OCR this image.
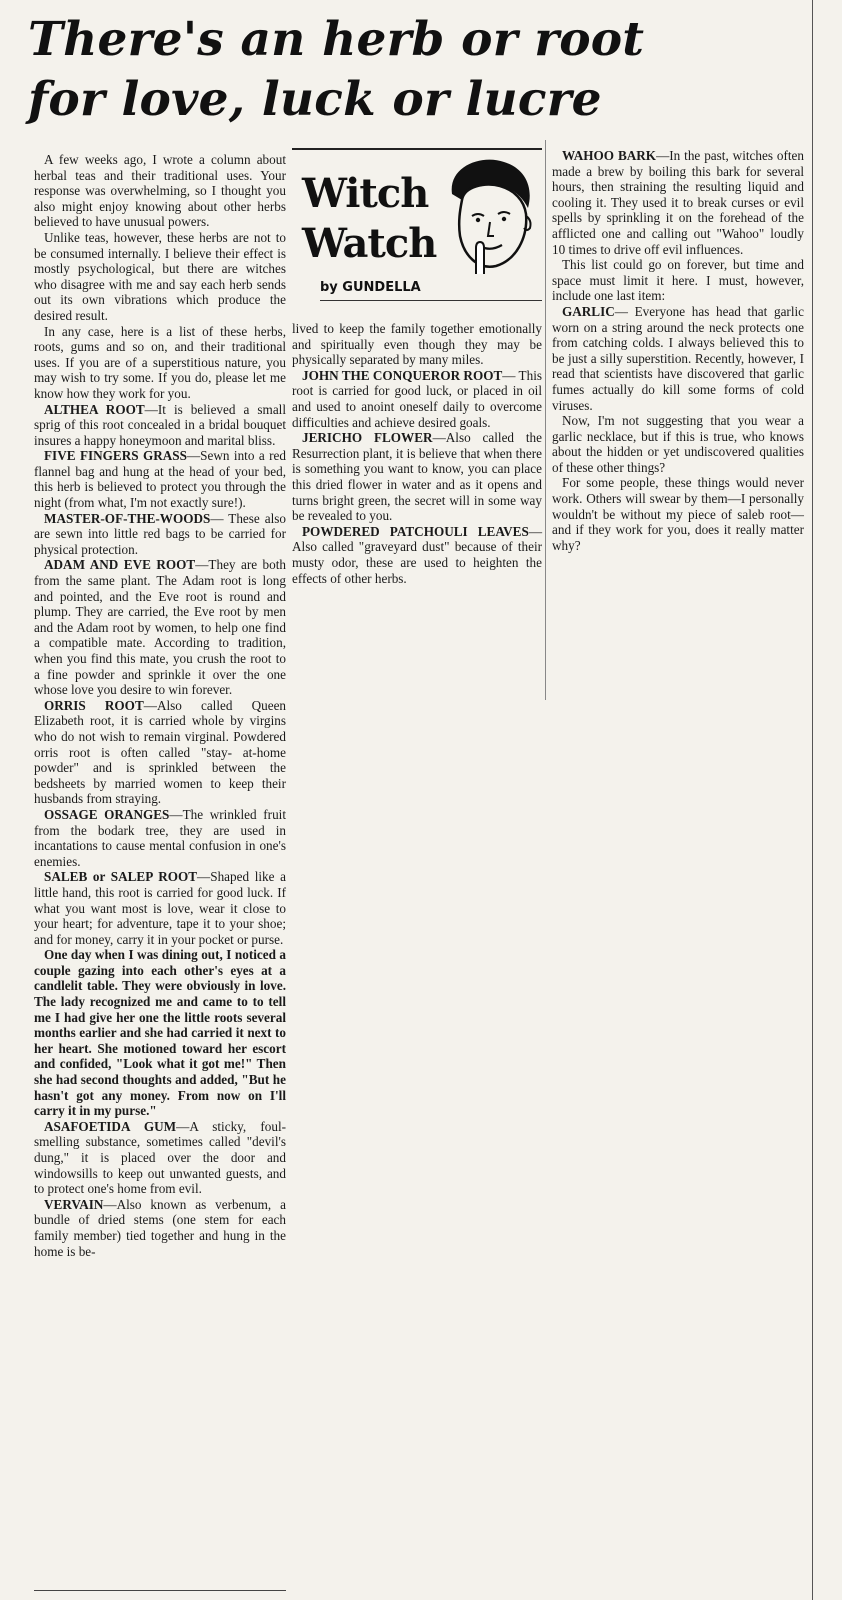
There's an herb or root
for love, luck or lucre
Witch
Watch
by GUNDELLA

A few weeks ago, I wrote a column about herbal teas and their traditional uses. Your response was overwhelming, so I thought you also might enjoy knowing about other herbs believed to have unusual powers.

Unlike teas, however, these herbs are not to be consumed internally. I believe their effect is mostly psychological, but there are witches who disagree with me and say each herb sends out its own vibrations which produce the desired result.

In any case, here is a list of these herbs, roots, gums and so on, and their traditional uses. If you are of a superstitious nature, you may wish to try some. If you do, please let me know how they work for you.

ALTHEA ROOT—It is believed a small sprig of this root concealed in a bridal bouquet insures a happy honeymoon and marital bliss.

FIVE FINGERS GRASS—Sewn into a red flannel bag and hung at the head of your bed, this herb is believed to protect you through the night (from what, I'm not exactly sure!).

MASTER-OF-THE-WOODS— These also are sewn into little red bags to be carried for physical protection.

ADAM AND EVE ROOT—They are both from the same plant. The Adam root is long and pointed, and the Eve root is round and plump. They are carried, the Eve root by men and the Adam root by women, to help one find a compatible mate. According to tradition, when you find this mate, you crush the root to a fine powder and sprinkle it over the one whose love you desire to win forever.

ORRIS ROOT—Also called Queen Elizabeth root, it is carried whole by virgins who do not wish to remain virginal. Powdered orris root is often called "stay- at-home powder" and is sprinkled between the bedsheets by married women to keep their husbands from straying.

OSSAGE ORANGES—The wrinkled fruit from the bodark tree, they are used in incantations to cause mental confusion in one's enemies.

SALEB or SALEP ROOT—Shaped like a little hand, this root is carried for good luck. If what you want most is love, wear it close to your heart; for adventure, tape it to your shoe; and for money, carry it in your pocket or purse.

One day when I was dining out, I noticed a couple gazing into each other's eyes at a candlelit table. They were obviously in love. The lady recognized me and came to to tell me I had give her one the little roots several months earlier and she had carried it next to her heart. She motioned toward her escort and confided, "Look what it got me!" Then she had second thoughts and added, "But he hasn't got any money. From now on I'll carry it in my purse."

ASAFOETIDA GUM—A sticky, foul-smelling substance, sometimes called "devil's dung," it is placed over the door and windowsills to keep out unwanted guests, and to protect one's home from evil.

VERVAIN—Also known as verbenum, a bundle of dried stems (one stem for each family member) tied together and hung in the home is be-

lived to keep the family together emotionally and spiritually even though they may be physically separated by many miles.

JOHN THE CONQUEROR ROOT— This root is carried for good luck, or placed in oil and used to anoint oneself daily to overcome difficulties and achieve desired goals.

JERICHO FLOWER—Also called the Resurrection plant, it is believe that when there is something you want to know, you can place this dried flower in water and as it opens and turns bright green, the secret will in some way be revealed to you.

POWDERED PATCHOULI LEAVES—Also called "graveyard dust" because of their musty odor, these are used to heighten the effects of other herbs.

WAHOO BARK—In the past, witches often made a brew by boiling this bark for several hours, then straining the resulting liquid and cooling it. They used it to break curses or evil spells by sprinkling it on the forehead of the afflicted one and calling out "Wahoo" loudly 10 times to drive off evil influences.

This list could go on forever, but time and space must limit it here. I must, however, include one last item:

GARLIC— Everyone has head that garlic worn on a string around the neck protects one from catching colds. I always believed this to be just a silly superstition. Recently, however, I read that scientists have discovered that garlic fumes actually do kill some forms of cold viruses.

Now, I'm not suggesting that you wear a garlic necklace, but if this is true, who knows about the hidden or yet undiscovered qualities of these other things?

For some people, these things would never work. Others will swear by them—I personally wouldn't be without my piece of saleb root—and if they work for you, does it really matter why?
